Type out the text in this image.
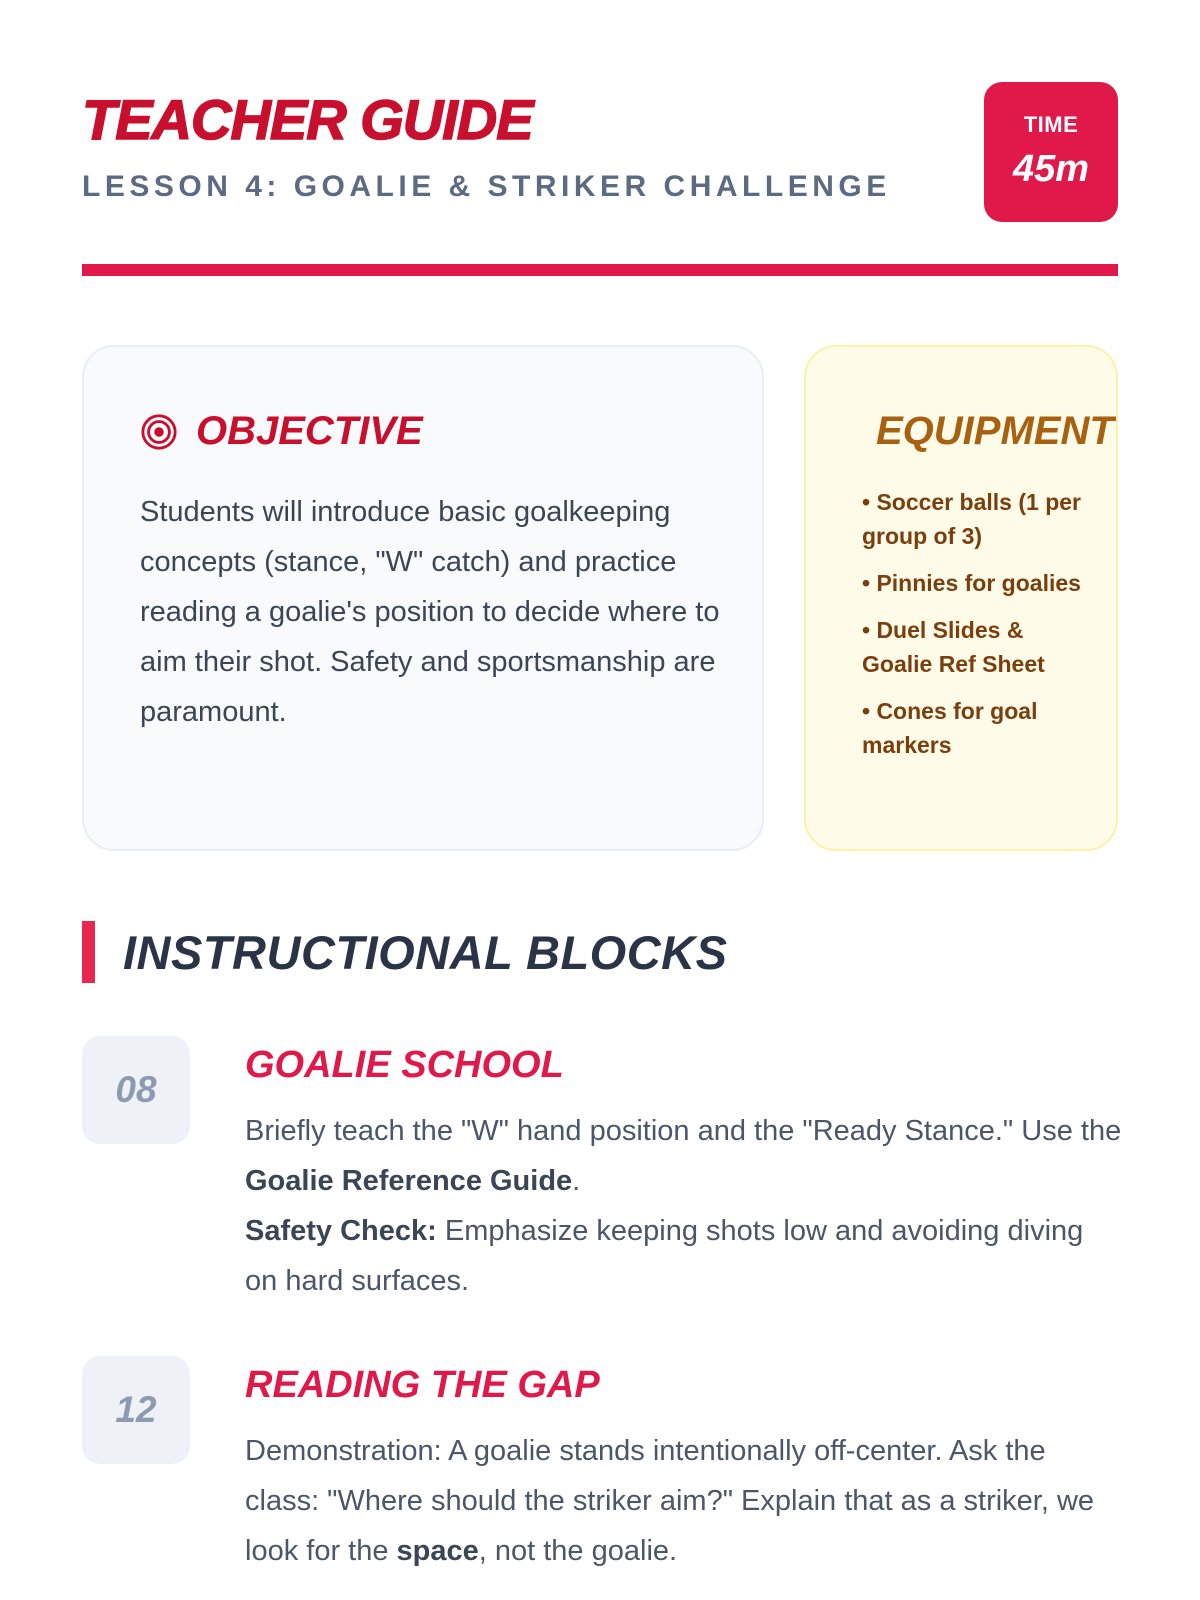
TEACHER GUIDE
LESSON 4: GOALIE & STRIKER CHALLENGE
TIME
45m
OBJECTIVE

Students will introduce basic goalkeeping concepts (stance, "W" catch) and practice reading a goalie's position to decide where to aim their shot. Safety and sportsmanship are paramount.

EQUIPMENT
• Soccer balls (1 per group of 3)
• Pinnies for goalies
• Duel Slides & Goalie Ref Sheet
• Cones for goal markers
INSTRUCTIONAL BLOCKS
08
GOALIE SCHOOL
Briefly teach the "W" hand position and the "Ready Stance." Use the Goalie Reference Guide.
Safety Check: Emphasize keeping shots low and avoiding diving on hard surfaces.
12
READING THE GAP
Demonstration: A goalie stands intentionally off-center. Ask the class: "Where should the striker aim?" Explain that as a striker, we look for the space, not the goalie.
